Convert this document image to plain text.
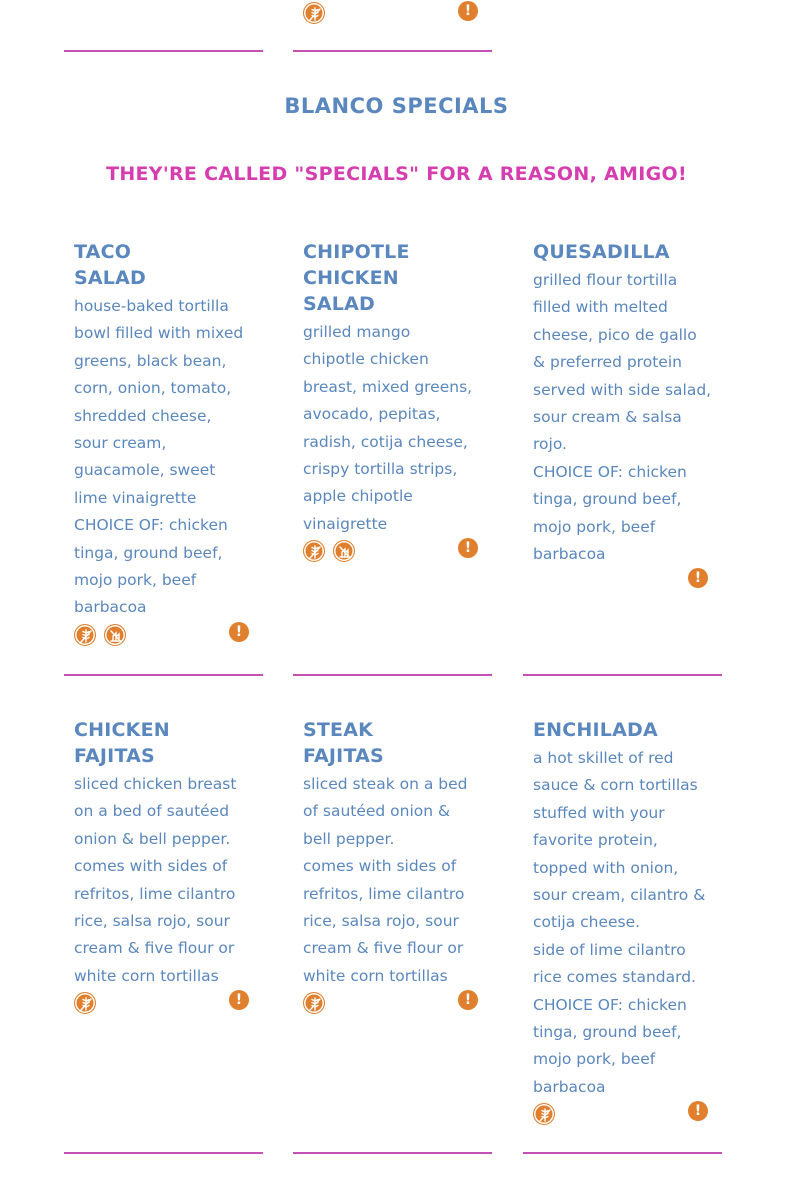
!
BLANCO SPECIALS
THEY'RE CALLED "SPECIALS" FOR A REASON, AMIGO!
TACO
SALAD
house-baked tortilla
bowl filled with mixed
greens, black bean,
corn, onion, tomato,
shredded cheese,
sour cream,
guacamole, sweet
lime vinaigrette
CHOICE OF: chicken
tinga, ground beef,
mojo pork, beef
barbacoa
!
CHIPOTLE
CHICKEN
SALAD
grilled mango
chipotle chicken
breast, mixed greens,
avocado, pepitas,
radish, cotija cheese,
crispy tortilla strips,
apple chipotle
vinaigrette
!
QUESADILLA
grilled flour tortilla
filled with melted
cheese, pico de gallo
& preferred protein
served with side salad,
sour cream & salsa
rojo.
CHOICE OF: chicken
tinga, ground beef,
mojo pork, beef
barbacoa
!
CHICKEN
FAJITAS
sliced chicken breast
on a bed of sautéed
onion & bell pepper.
comes with sides of
refritos, lime cilantro
rice, salsa rojo, sour
cream & five flour or
white corn tortillas
!
STEAK
FAJITAS
sliced steak on a bed
of sautéed onion &
bell pepper.
comes with sides of
refritos, lime cilantro
rice, salsa rojo, sour
cream & five flour or
white corn tortillas
!
ENCHILADA
a hot skillet of red
sauce & corn tortillas
stuffed with your
favorite protein,
topped with onion,
sour cream, cilantro &
cotija cheese.
side of lime cilantro
rice comes standard.
CHOICE OF: chicken
tinga, ground beef,
mojo pork, beef
barbacoa
!
